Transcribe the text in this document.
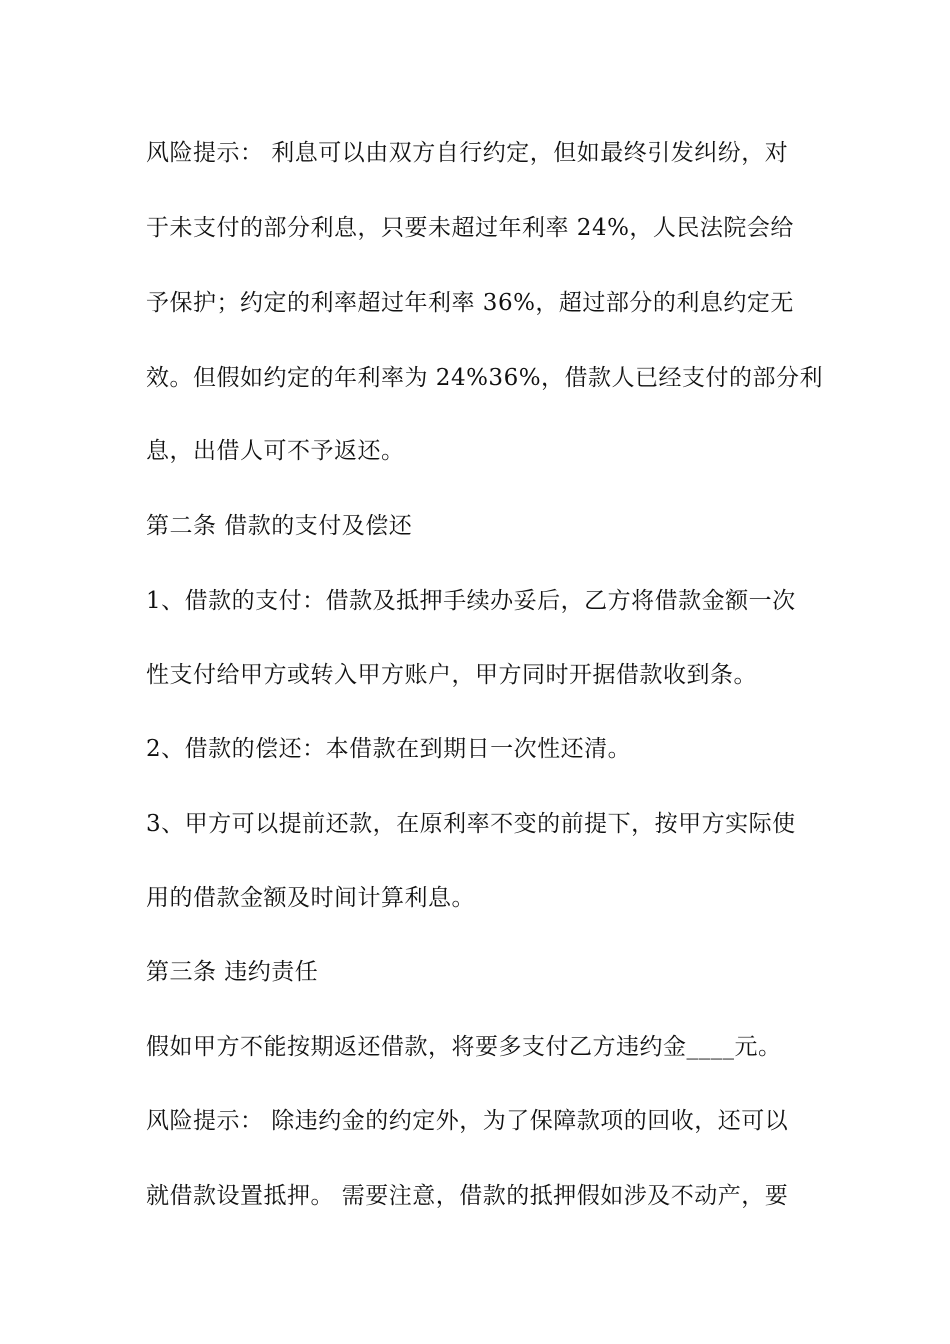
风险提示： 利息可以由双方自行约定，但如最终引发纠纷，对
于未支付的部分利息，只要未超过年利率 24%，人民法院会给
予保护；约定的利率超过年利率 36%，超过部分的利息约定无
效。但假如约定的年利率为 24%36%，借款人已经支付的部分利
息，出借人可不予返还。
第二条 借款的支付及偿还
1、借款的支付：借款及抵押手续办妥后，乙方将借款金额一次
性支付给甲方或转入甲方账户，甲方同时开据借款收到条。
2、借款的偿还：本借款在到期日一次性还清。
3、甲方可以提前还款，在原利率不变的前提下，按甲方实际使
用的借款金额及时间计算利息。
第三条 违约责任
假如甲方不能按期返还借款，将要多支付乙方违约金____元。
风险提示： 除违约金的约定外，为了保障款项的回收，还可以
就借款设置抵押。 需要注意，借款的抵押假如涉及不动产，要
